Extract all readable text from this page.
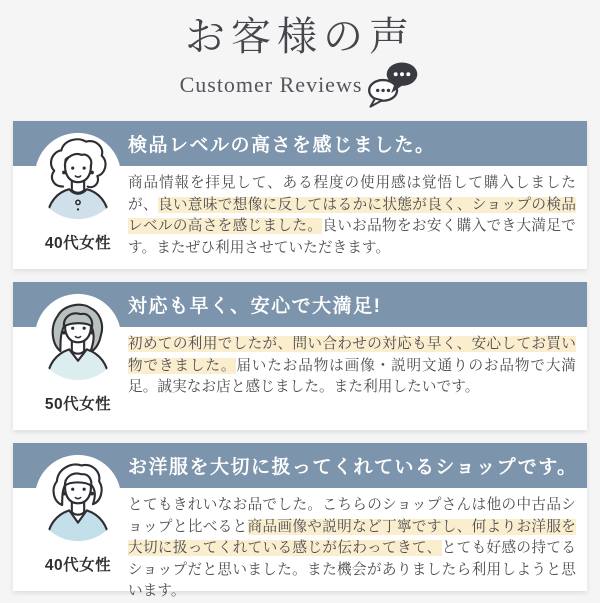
お客様の声
Customer Reviews
検品レベルの高さを感じました。
40代女性
商品情報を拝見して、ある程度の使用感は覚悟して購入しましたが、良い意味で想像に反してはるかに状態が良く、ショップの検品レベルの高さを感じました。良いお品物をお安く購入でき大満足です。またぜひ利用させていただきます。
対応も早く、安心で大満足!
50代女性
初めての利用でしたが、問い合わせの対応も早く、安心してお買い物できました。届いたお品物は画像・説明文通りのお品物で大満足。誠実なお店と感じました。また利用したいです。
お洋服を大切に扱ってくれているショップです。
40代女性
とてもきれいなお品でした。こちらのショップさんは他の中古品ショップと比べると商品画像や説明など丁寧ですし、何よりお洋服を大切に扱ってくれている感じが伝わってきて、とても好感の持てるショップだと思いました。また機会がありましたら利用しようと思います。
